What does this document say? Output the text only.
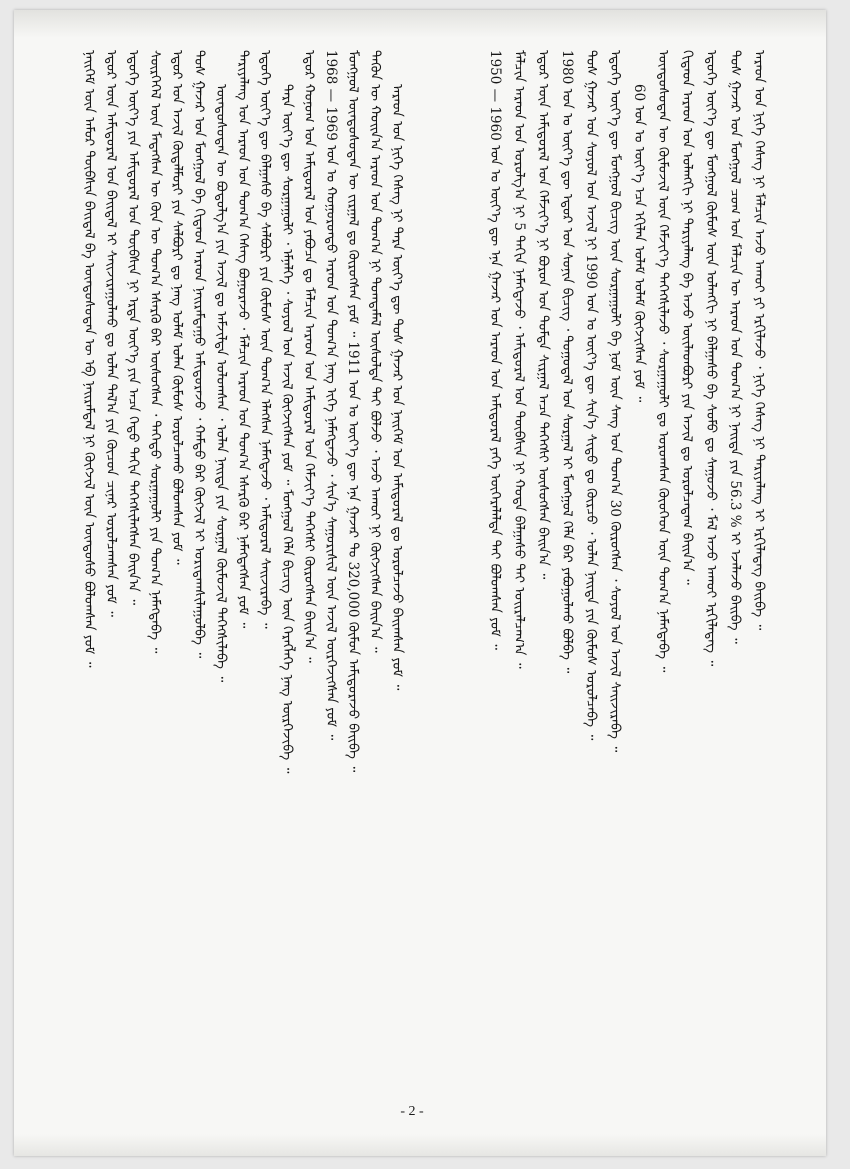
ᠠᠷᠠᠳ ᠤᠨ ᠨᠢᠭᠡ ᠬᠡᠰᠡᠭ ᠨᠢ ᠲᠡᠷᠡ ᠦᠶ᠎ᠡ ᠳᠦ ᠳᠤᠰ ᠭᠠᠵᠠᠷ ᠤᠨ ᠨᠡᠢᠭᠡᠮ ᠤᠨ ᠠᠮᠢᠳᠤᠷᠠᠯ ᠳᠤ ᠣᠷᠣᠯᠴᠠᠵᠤ ᠪᠠᠢᠭᠰᠠᠨ ᠶᠤᠮ ᠃
ᠲᠡᠭᠦᠨ ᠦ ᠬᠣᠢᠨ᠎ᠠ ᠠᠷᠠᠳ ᠤᠨ ᠲᠣᠭ᠎ᠠ ᠨᠢ ᠲᠣᠭᠲᠠᠮᠠᠯ ᠥᠰᠦᠯᠲᠡ ᠲᠠᠢ ᠪᠣᠯᠵᠤ ᠂ ᠠᠵᠤ ᠠᠬᠤᠢ ᠨᠢ ᠬᠥᠭᠵᠢᠭᠰᠡᠨ ᠪᠠᠢᠨ᠎ᠠ ᠃
ᠮᠣᠩᠭᠣᠯ ᠦᠨᠳᠦᠰᠦᠲᠡᠨ ᠦ ᠵᠢᠷᠭᠠᠯ ᠳᠤ ᠬᠦᠷᠦᠭᠰᠡᠨ ᠶᠤᠮ ᠃ 1911 ᠣᠨ ᠤ ᠦᠶ᠎ᠡ ᠳᠦ ᠡᠨᠡ ᠭᠠᠵᠠᠷ ᠲᠤ 320,000 ᠬᠦᠮᠦᠨ ᠠᠮᠢᠳᠤᠷᠠᠵᠤ ᠪᠠᠢᠪᠠ ᠃
1968 — 1969 ᠣᠨ ᠤ ᠬᠣᠭᠣᠷᠤᠨᠳᠤ ᠠᠷᠠᠳ ᠤᠨ ᠲᠣᠭ᠎ᠠ ᠨᠡᠩ ᠢᠬᠡ ᠨᠡᠮᠡᠭᠳᠡᠵᠦ ᠂ ᠰᠢᠨ᠎ᠡ ᠰᠠᠭᠤᠷᠢᠰᠢᠯ ᠦᠨ ᠠᠵᠢᠯ ᠥᠷᠭᠡᠵᠢᠭᠰᠡᠨ ᠶᠤᠮ ᠃
ᠡᠳᠦᠷ ᠬᠣᠨᠣᠭ ᠤᠨ ᠠᠮᠢᠳᠤᠷᠠᠯ ᠤᠨ ᠶᠠᠪᠤᠴᠠ ᠳᠤ ᠮᠠᠯᠴᠢᠨ ᠠᠷᠠᠳ ᠤᠨ ᠠᠮᠢᠳᠤᠷᠠᠯ ᠤᠨ ᠬᠡᠮᠵᠢᠶ᠎ᠡ ᠳᠡᠭᠡᠭᠰᠢ ᠬᠦᠷᠦᠭᠰᠡᠨ ᠪᠠᠢᠨ᠎ᠠ ᠃
ᠲᠡᠷᠡ ᠦᠶ᠎ᠡ ᠳᠦ ᠰᠤᠷᠭᠠᠭᠤᠯᠢ ᠂ ᠡᠮᠨᠡᠯᠭᠡ ᠂ ᠰᠣᠶᠣᠯ ᠤᠨ ᠠᠵᠢᠯ ᠬᠥᠭᠵᠢᠭᠰᠡᠨ ᠶᠤᠮ ᠃ ᠮᠣᠩᠭᠣᠯ ᠬᠡᠯᠡ ᠪᠢᠴᠢᠭ ᠦᠨ ᠬᠡᠷᠡᠭᠯᠡᠭᠡ ᠨᠡᠩ ᠥᠷᠭᠡᠵᠢᠪᠡ ᠃
ᠡᠳᠦᠭᠡ ᠦᠶ᠎ᠡ ᠳᠦ ᠪᠠᠯᠭᠠᠰᠤ ᠪᠠ ᠰᠠᠯᠪᠤᠷᠢ ᠶᠢᠨ ᠬᠦᠮᠦᠰ ᠦᠨ ᠲᠣᠭ᠎ᠠ ᠡᠯᠡᠭᠰᠡᠨ ᠨᠡᠮᠡᠭᠳᠡᠵᠦ ᠂ ᠠᠮᠢᠳᠤᠷᠠᠯ ᠰᠠᠢᠵᠢᠷᠠᠪᠠ ᠃
ᠲᠠᠷᠢᠶᠠᠯᠠᠩ ᠤᠨ ᠠᠷᠠᠳ ᠤᠨ ᠲᠣᠭ᠎ᠠ ᠬᠡᠰᠡᠭ ᠪᠣᠭᠤᠷᠠᠵᠤ ᠂ ᠮᠠᠯᠴᠢᠨ ᠠᠷᠠᠳ ᠤᠨ ᠲᠣᠭ᠎ᠠ ᠡᠰᠡᠷᠭᠦ ᠪᠡᠷ ᠨᠡᠮᠡᠭᠳᠡᠭᠰᠡᠨ ᠶᠤᠮ ᠃
ᠦᠨᠳᠦᠰᠦᠲᠡᠨ ᠦ ᠪᠣᠳᠤᠯᠭ᠎ᠠ ᠶᠢᠨ ᠠᠵᠢᠯ ᠳᠤ ᠠᠮᠵᠢᠯᠲᠠ ᠣᠯᠤᠭᠰᠠᠨ ᠂ ᠣᠯᠠᠨ ᠨᠡᠢᠲᠡ ᠶᠢᠨ ᠰᠤᠷᠭᠠᠯ ᠬᠥᠮᠦᠵᠢᠯ ᠳᠡᠭᠡᠭᠰᠢᠯᠡᠪᠡ ᠃
ᠲᠤᠰ ᠭᠠᠵᠠᠷ ᠤᠨ ᠮᠣᠩᠭᠣᠯ ᠪᠠ ᠬᠢᠲᠠᠳ ᠠᠷᠠᠳ ᠨᠠᠢᠷᠠᠮᠳᠠᠭᠤ ᠠᠮᠢᠳᠤᠷᠠᠵᠤ ᠂ ᠬᠠᠮᠲᠤ ᠪᠡᠷ ᠬᠥᠭᠵᠢᠯ ᠢ ᠤᠷᠢᠳᠠᠭᠰᠢᠯᠠᠭᠤᠯᠪᠠ ᠃
ᠡᠳᠦᠷ ᠤᠨ ᠠᠵᠢᠯ ᠬᠥᠳᠡᠯᠮᠦᠷᠢ ᠶᠢᠨ ᠰᠠᠯᠪᠤᠷᠢ ᠳᠤ ᠨᠡᠩ ᠤᠯᠠᠮ ᠣᠯᠠᠨ ᠬᠦᠮᠦᠰ ᠣᠷᠣᠯᠴᠠᠬᠤ ᠪᠣᠯᠤᠭᠰᠠᠨ ᠶᠤᠮ ᠃
ᠰᠦᠷᠭᠡᠭᠡᠯ ᠦᠨ ᠮᠡᠳᠡᠭᠰᠡᠨ ᠦ ᠬᠦᠨ ᠦ ᠲᠣᠭ᠎ᠠ ᠡᠰᠡᠷᠭᠦ ᠪᠡᠷ ᠥᠰᠦᠭᠰᠡᠨ ᠂ ᠳᠡᠭᠡᠳᠦ ᠰᠤᠷᠭᠠᠭᠤᠯᠢ ᠶᠢᠨ ᠲᠣᠭ᠎ᠠ ᠨᠡᠮᠡᠭᠳᠡᠪᠡ ᠃
ᠡᠳᠦᠭᠡ ᠦᠶ᠎ᠡ ᠶᠢᠨ ᠠᠮᠢᠳᠤᠷᠠᠯ ᠤᠨ ᠲᠦᠪᠰᠢᠨ ᠨᠢ ᠡᠷᠲᠡ ᠦᠶ᠎ᠡ ᠶᠢᠨ ᠠᠴᠠ ᠬᠡᠳᠦ ᠳᠠᠬᠢᠨ ᠳᠡᠭᠡᠭᠰᠢᠯᠡᠭᠰᠡᠨ ᠪᠠᠢᠨ᠎ᠠ ᠃
ᠡᠳᠦᠷ ᠦᠨ ᠠᠮᠢᠳᠤᠷᠠᠯ ᠤᠨ ᠪᠠᠢᠳᠠᠯ ᠢ ᠰᠠᠢᠵᠢᠷᠠᠭᠤᠯᠬᠤ ᠳᠤ ᠣᠯᠠᠨ ᠲᠠᠯ᠎ᠠ ᠶᠢᠨ ᠬᠦᠴᠦᠨ ᠴᠢᠨᠠᠷ ᠣᠷᠣᠯᠴᠠᠭᠰᠠᠨ ᠶᠤᠮ ᠃
ᠨᠡᠢᠭᠡᠮ ᠦᠨ ᠠᠮᠤᠷ ᠲᠦᠪᠰᠢᠨ ᠪᠠᠢᠳᠠᠯ ᠪᠠ ᠦᠨᠳᠦᠰᠦᠲᠡᠨ ᠦ ᠡᠪ ᠨᠠᠢᠷᠠᠮᠳᠠᠯ ᠨᠢ ᠬᠥᠭᠵᠢᠯ ᠦᠨ ᠦᠨᠳᠦᠰᠦ ᠪᠣᠯᠤᠭᠰᠠᠨ ᠶᠤᠮ ᠃	ᠠᠷᠠᠳ ᠤᠨ ᠨᠢᠭᠡ ᠬᠡᠰᠡᠭ ᠨᠢ ᠮᠠᠯᠴᠢᠨ ᠠᠵᠤ ᠠᠬᠤᠢ ᠶᠢ ᠡᠷᠬᠢᠯᠡᠵᠦ ᠂ ᠨᠢᠭᠡ ᠬᠡᠰᠡᠭ ᠨᠢ ᠲᠠᠷᠢᠶᠠᠯᠠᠩ ᠢ ᠡᠷᠬᠢᠯᠡᠳᠡᠭ ᠪᠠᠢᠪᠠ ᠃
ᠲᠤᠰ ᠭᠠᠵᠠᠷ ᠤᠨ ᠮᠣᠩᠭᠣᠯ ᠴᠤᠭ ᠤᠨ ᠮᠠᠯᠴᠢᠨ ᠦ ᠠᠷᠠᠳ ᠤᠨ ᠲᠣᠭ᠎ᠠ ᠨᠢ ᠨᠡᠢᠲᠡ ᠶᠢᠨ 56.3 % ᠢ ᠡᠵᠡᠯᠡᠵᠦ ᠪᠠᠢᠪᠠ ᠃
ᠡᠳᠦᠭᠡ ᠦᠶ᠎ᠡ ᠳᠦ ᠮᠣᠩᠭᠣᠯ ᠬᠦᠮᠦᠰ ᠦᠨ ᠣᠯᠠᠩᠬᠢ ᠨᠢ ᠪᠠᠯᠭᠠᠰᠤ ᠪᠠ ᠰᠤᠮᠤ ᠳᠤ ᠰᠠᠭᠤᠵᠤ ᠂ ᠮᠠᠯ ᠠᠵᠤ ᠠᠬᠤᠢ ᠡᠷᠬᠢᠯᠡᠳᠡᠭ ᠃
ᠬᠢᠲᠠᠳ ᠠᠷᠠᠳ ᠤᠨ ᠣᠯᠠᠩᠬᠢ ᠨᠢ ᠲᠠᠷᠢᠶᠠᠯᠠᠩ ᠪᠠ ᠠᠵᠤ ᠦᠢᠯᠡᠳᠪᠦᠷᠢ ᠶᠢᠨ ᠠᠵᠢᠯ ᠳᠤ ᠣᠷᠣᠯᠴᠠᠳᠠᠭ ᠪᠠᠢᠨ᠎ᠠ ᠃
ᠦᠨᠳᠦᠰᠦᠲᠡᠨ ᠦ ᠬᠥᠮᠦᠵᠢᠯ ᠦᠨ ᠬᠡᠮᠵᠢᠶ᠎ᠡ ᠳᠡᠭᠡᠭᠰᠢᠯᠡᠵᠦ ᠂ ᠰᠤᠷᠭᠠᠭᠤᠯᠢ ᠳᠤ ᠣᠷᠣᠭᠰᠠᠨ ᠬᠦᠦᠬᠡᠳ ᠦᠨ ᠲᠣᠭ᠎ᠠ ᠨᠡᠮᠡᠭᠳᠡᠪᠡ ᠃
60 ᠣᠨ ᠤ ᠦᠶ᠎ᠡ ᠡᠴᠡ ᠡᠬᠢᠯᠡᠨ ᠤᠯᠠᠮ ᠤᠯᠠᠮ ᠬᠥᠭᠵᠢᠭᠰᠡᠨ ᠶᠤᠮ ᠃
ᠡᠳᠦᠭᠡ ᠦᠶ᠎ᠡ ᠳᠦ ᠮᠣᠩᠭᠣᠯ ᠪᠢᠴᠢᠭ ᠦᠨ ᠰᠤᠷᠭᠠᠭᠤᠯᠢ ᠪᠠ ᠨᠣᠮ ᠦᠨ ᠰᠠᠩ ᠤᠨ ᠲᠣᠭ᠎ᠠ 30 ᠬᠦᠷᠦᠭᠰᠡᠨ ᠂ ᠰᠣᠶᠣᠯ ᠤᠨ ᠠᠵᠢᠯ ᠰᠠᠢᠵᠢᠷᠠᠪᠠ ᠃
ᠲᠤᠰ ᠭᠠᠵᠠᠷ ᠤᠨ ᠰᠣᠶᠣᠯ ᠤᠨ ᠠᠵᠢᠯ ᠨᠢ 1990 ᠣᠨ ᠤ ᠦᠶ᠎ᠡ ᠳᠦ ᠰᠢᠨ᠎ᠡ ᠰᠢᠲᠤ ᠳᠤ ᠬᠦᠷᠴᠦ ᠂ ᠣᠯᠠᠨ ᠨᠡᠢᠲᠡ ᠶᠢᠨ ᠬᠦᠮᠦᠰ ᠣᠷᠣᠯᠴᠠᠪᠠ ᠃
1980 ᠣᠨ ᠤ ᠦᠶ᠎ᠡ ᠳᠦ ᠡᠳᠦᠷ ᠤᠨ ᠰᠣᠨᠢᠨ ᠪᠢᠴᠢᠭ ᠂ ᠳᠣᠭᠤᠳᠠᠯ ᠤᠨ ᠰᠤᠷᠭᠠᠯ ᠢ ᠮᠣᠩᠭᠣᠯ ᠬᠡᠯᠡ ᠪᠡᠷ ᠶᠠᠪᠤᠭᠤᠯᠬᠤ ᠪᠣᠯᠪᠠ ᠃
ᠡᠳᠦᠷ ᠦᠨ ᠠᠮᠢᠳᠤᠷᠠᠯ ᠤᠨ ᠬᠡᠮᠵᠢᠶ᠎ᠡ ᠨᠢ ᠪᠤᠷᠤᠨ ᠤᠨ ᠳᠤᠮᠳᠠ ᠰᠢᠷᠭᠠᠯ ᠠᠴᠠ ᠳᠡᠭᠡᠭᠰᠢ ᠥᠰᠦᠭᠰᠡᠨ ᠪᠠᠢᠨ᠎ᠠ ᠃
ᠮᠠᠯᠴᠢᠨ ᠠᠷᠠᠳ ᠤᠨ ᠣᠷᠣᠯᠭ᠎ᠠ ᠨᠢ 5 ᠳᠠᠬᠢᠨ ᠨᠡᠮᠡᠭᠳᠡᠵᠦ ᠂ ᠠᠮᠢᠳᠤᠷᠠᠯ ᠤᠨ ᠲᠦᠪᠰᠢᠨ ᠨᠢ ᠬᠣᠲᠠ ᠪᠠᠯᠭᠠᠰᠤ ᠲᠠᠢ ᠣᠢᠷᠠᠯᠴᠠᠭ᠎ᠠ ᠃
1950 — 1960 ᠣᠨ ᠤ ᠦᠶ᠎ᠡ ᠳᠦ ᠡᠨᠡ ᠭᠠᠵᠠᠷ ᠤᠨ ᠠᠷᠠᠳ ᠤᠨ ᠠᠮᠢᠳᠤᠷᠠᠯ ᠶᠡᠬᠡ ᠥᠭᠡᠷᠡᠯᠡᠯᠲᠡ ᠲᠠᠢ ᠪᠣᠯᠤᠭᠰᠠᠨ ᠶᠤᠮ ᠃
- 2 -
